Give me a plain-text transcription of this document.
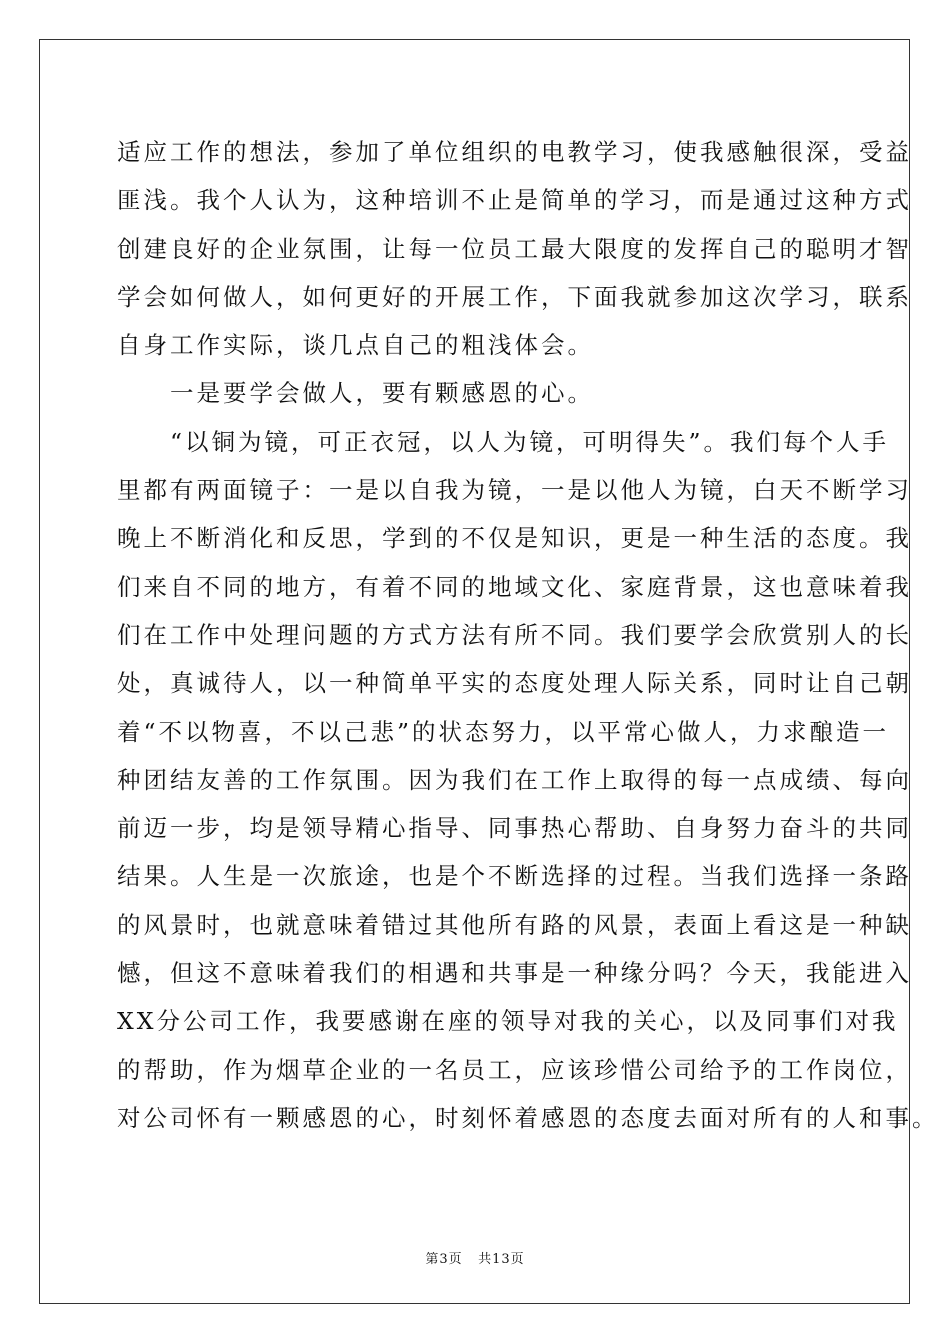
适应工作的想法，参加了单位组织的电教学习，使我感触很深，受益
匪浅。我个人认为，这种培训不止是简单的学习，而是通过这种方式
创建良好的企业氛围，让每一位员工最大限度的发挥自己的聪明才智
学会如何做人，如何更好的开展工作，下面我就参加这次学习，联系
自身工作实际，谈几点自己的粗浅体会。
　　一是要学会做人，要有颗感恩的心。
　　“以铜为镜，可正衣冠，以人为镜，可明得失”。我们每个人手
里都有两面镜子：一是以自我为镜，一是以他人为镜，白天不断学习
晚上不断消化和反思，学到的不仅是知识，更是一种生活的态度。我
们来自不同的地方，有着不同的地域文化、家庭背景，这也意味着我
们在工作中处理问题的方式方法有所不同。我们要学会欣赏别人的长
处，真诚待人，以一种简单平实的态度处理人际关系，同时让自己朝
着“不以物喜，不以己悲”的状态努力，以平常心做人，力求酿造一
种团结友善的工作氛围。因为我们在工作上取得的每一点成绩、每向
前迈一步，均是领导精心指导、同事热心帮助、自身努力奋斗的共同
结果。人生是一次旅途，也是个不断选择的过程。当我们选择一条路
的风景时，也就意味着错过其他所有路的风景，表面上看这是一种缺
憾，但这不意味着我们的相遇和共事是一种缘分吗？今天，我能进入
XX分公司工作，我要感谢在座的领导对我的关心，以及同事们对我
的帮助，作为烟草企业的一名员工，应该珍惜公司给予的工作岗位，
对公司怀有一颗感恩的心，时刻怀着感恩的态度去面对所有的人和事。
第3页 共13页
